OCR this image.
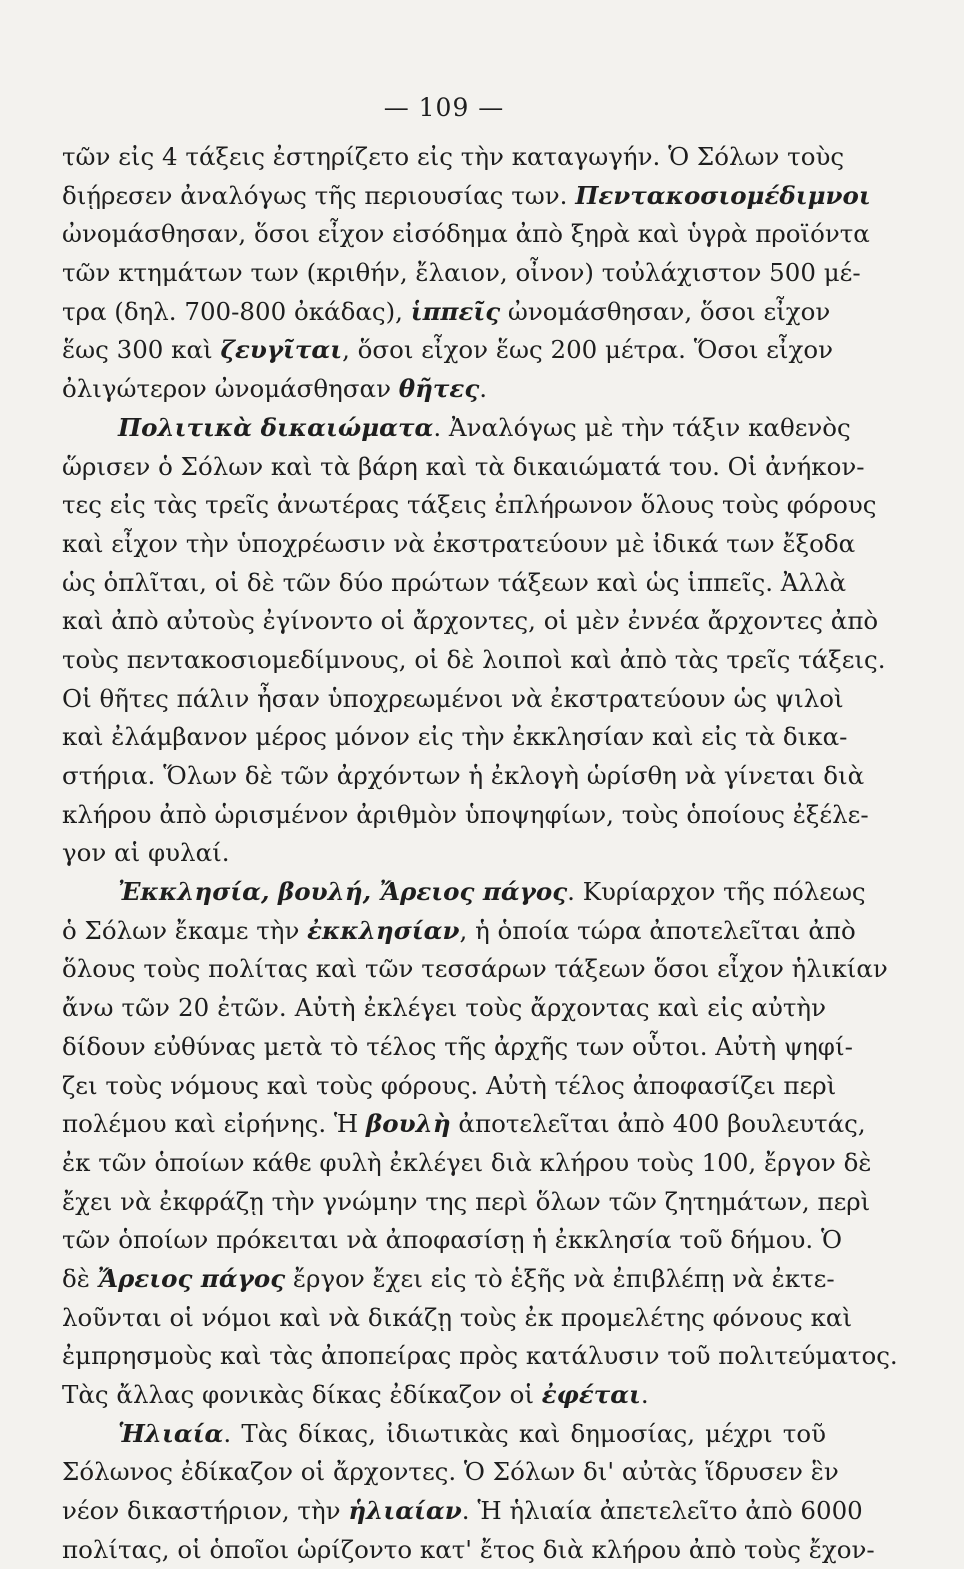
— 109 —
τῶν εἰς 4 τάξεις ἐστηρίζετο εἰς τὴν καταγωγήν. Ὁ Σόλων τοὺς
διῄρεσεν ἀναλόγως τῆς περιουσίας των. Πεντακοσιομέδιμνοι
ὠνομάσθησαν, ὅσοι εἶχον εἰσόδημα ἀπὸ ξηρὰ καὶ ὑγρὰ προϊόντα
τῶν κτημάτων των (κριθήν, ἔλαιον, οἶνον) τοὐλάχιστον 500 μέ-
τρα (δηλ. 700-800 ὀκάδας), ἱππεῖς ὠνομάσθησαν, ὅσοι εἶχον
ἕως 300 καὶ ζευγῖται, ὅσοι εἶχον ἕως 200 μέτρα. Ὅσοι εἶχον
ὀλιγώτερον ὠνομάσθησαν θῆτες.
Πολιτικὰ δικαιώματα. Ἀναλόγως μὲ τὴν τάξιν καθενὸς
ὥρισεν ὁ Σόλων καὶ τὰ βάρη καὶ τὰ δικαιώματά του. Οἱ ἀνήκον-
τες εἰς τὰς τρεῖς ἀνωτέρας τάξεις ἐπλήρωνον ὅλους τοὺς φόρους
καὶ εἶχον τὴν ὑποχρέωσιν νὰ ἐκστρατεύουν μὲ ἰδικά των ἔξοδα
ὡς ὁπλῖται, οἱ δὲ τῶν δύο πρώτων τάξεων καὶ ὡς ἱππεῖς. Ἀλλὰ
καὶ ἀπὸ αὐτοὺς ἐγίνοντο οἱ ἄρχοντες, οἱ μὲν ἐννέα ἄρχοντες ἀπὸ
τοὺς πεντακοσιομεδίμνους, οἱ δὲ λοιποὶ καὶ ἀπὸ τὰς τρεῖς τάξεις.
Οἱ θῆτες πάλιν ἦσαν ὑποχρεωμένοι νὰ ἐκστρατεύουν ὡς ψιλοὶ
καὶ ἐλάμβανον μέρος μόνον εἰς τὴν ἐκκλησίαν καὶ εἰς τὰ δικα-
στήρια. Ὅλων δὲ τῶν ἀρχόντων ἡ ἐκλογὴ ὡρίσθη νὰ γίνεται διὰ
κλήρου ἀπὸ ὡρισμένον ἀριθμὸν ὑποψηφίων, τοὺς ὁποίους ἐξέλε-
γον αἱ φυλαί.
Ἐκκλησία, βουλή, Ἄρειος πάγος. Κυρίαρχον τῆς πόλεως
ὁ Σόλων ἔκαμε τὴν ἐκκλησίαν, ἡ ὁποία τώρα ἀποτελεῖται ἀπὸ
ὅλους τοὺς πολίτας καὶ τῶν τεσσάρων τάξεων ὅσοι εἶχον ἡλικίαν
ἄνω τῶν 20 ἐτῶν. Αὐτὴ ἐκλέγει τοὺς ἄρχοντας καὶ εἰς αὐτὴν
δίδουν εὐθύνας μετὰ τὸ τέλος τῆς ἀρχῆς των οὗτοι. Αὐτὴ ψηφί-
ζει τοὺς νόμους καὶ τοὺς φόρους. Αὐτὴ τέλος ἀποφασίζει περὶ
πολέμου καὶ εἰρήνης. Ἡ βουλὴ ἀποτελεῖται ἀπὸ 400 βουλευτάς,
ἐκ τῶν ὁποίων κάθε φυλὴ ἐκλέγει διὰ κλήρου τοὺς 100, ἔργον δὲ
ἔχει νὰ ἐκφράζῃ τὴν γνώμην της περὶ ὅλων τῶν ζητημάτων, περὶ
τῶν ὁποίων πρόκειται νὰ ἀποφασίσῃ ἡ ἐκκλησία τοῦ δήμου. Ὁ
δὲ Ἄρειος πάγος ἔργον ἔχει εἰς τὸ ἑξῆς νὰ ἐπιβλέπῃ νὰ ἐκτε-
λοῦνται οἱ νόμοι καὶ νὰ δικάζῃ τοὺς ἐκ προμελέτης φόνους καὶ
ἐμπρησμοὺς καὶ τὰς ἀποπείρας πρὸς κατάλυσιν τοῦ πολιτεύματος.
Τὰς ἄλλας φονικὰς δίκας ἐδίκαζον οἱ ἐφέται.
Ἡλιαία. Τὰς δίκας, ἰδιωτικὰς καὶ δημοσίας, μέχρι τοῦ
Σόλωνος ἐδίκαζον οἱ ἄρχοντες. Ὁ Σόλων δι' αὐτὰς ἵδρυσεν ἓν
νέον δικαστήριον, τὴν ἡλιαίαν. Ἡ ἡλιαία ἀπετελεῖτο ἀπὸ 6000
πολίτας, οἱ ὁποῖοι ὡρίζοντο κατ' ἔτος διὰ κλήρου ἀπὸ τοὺς ἔχον-
